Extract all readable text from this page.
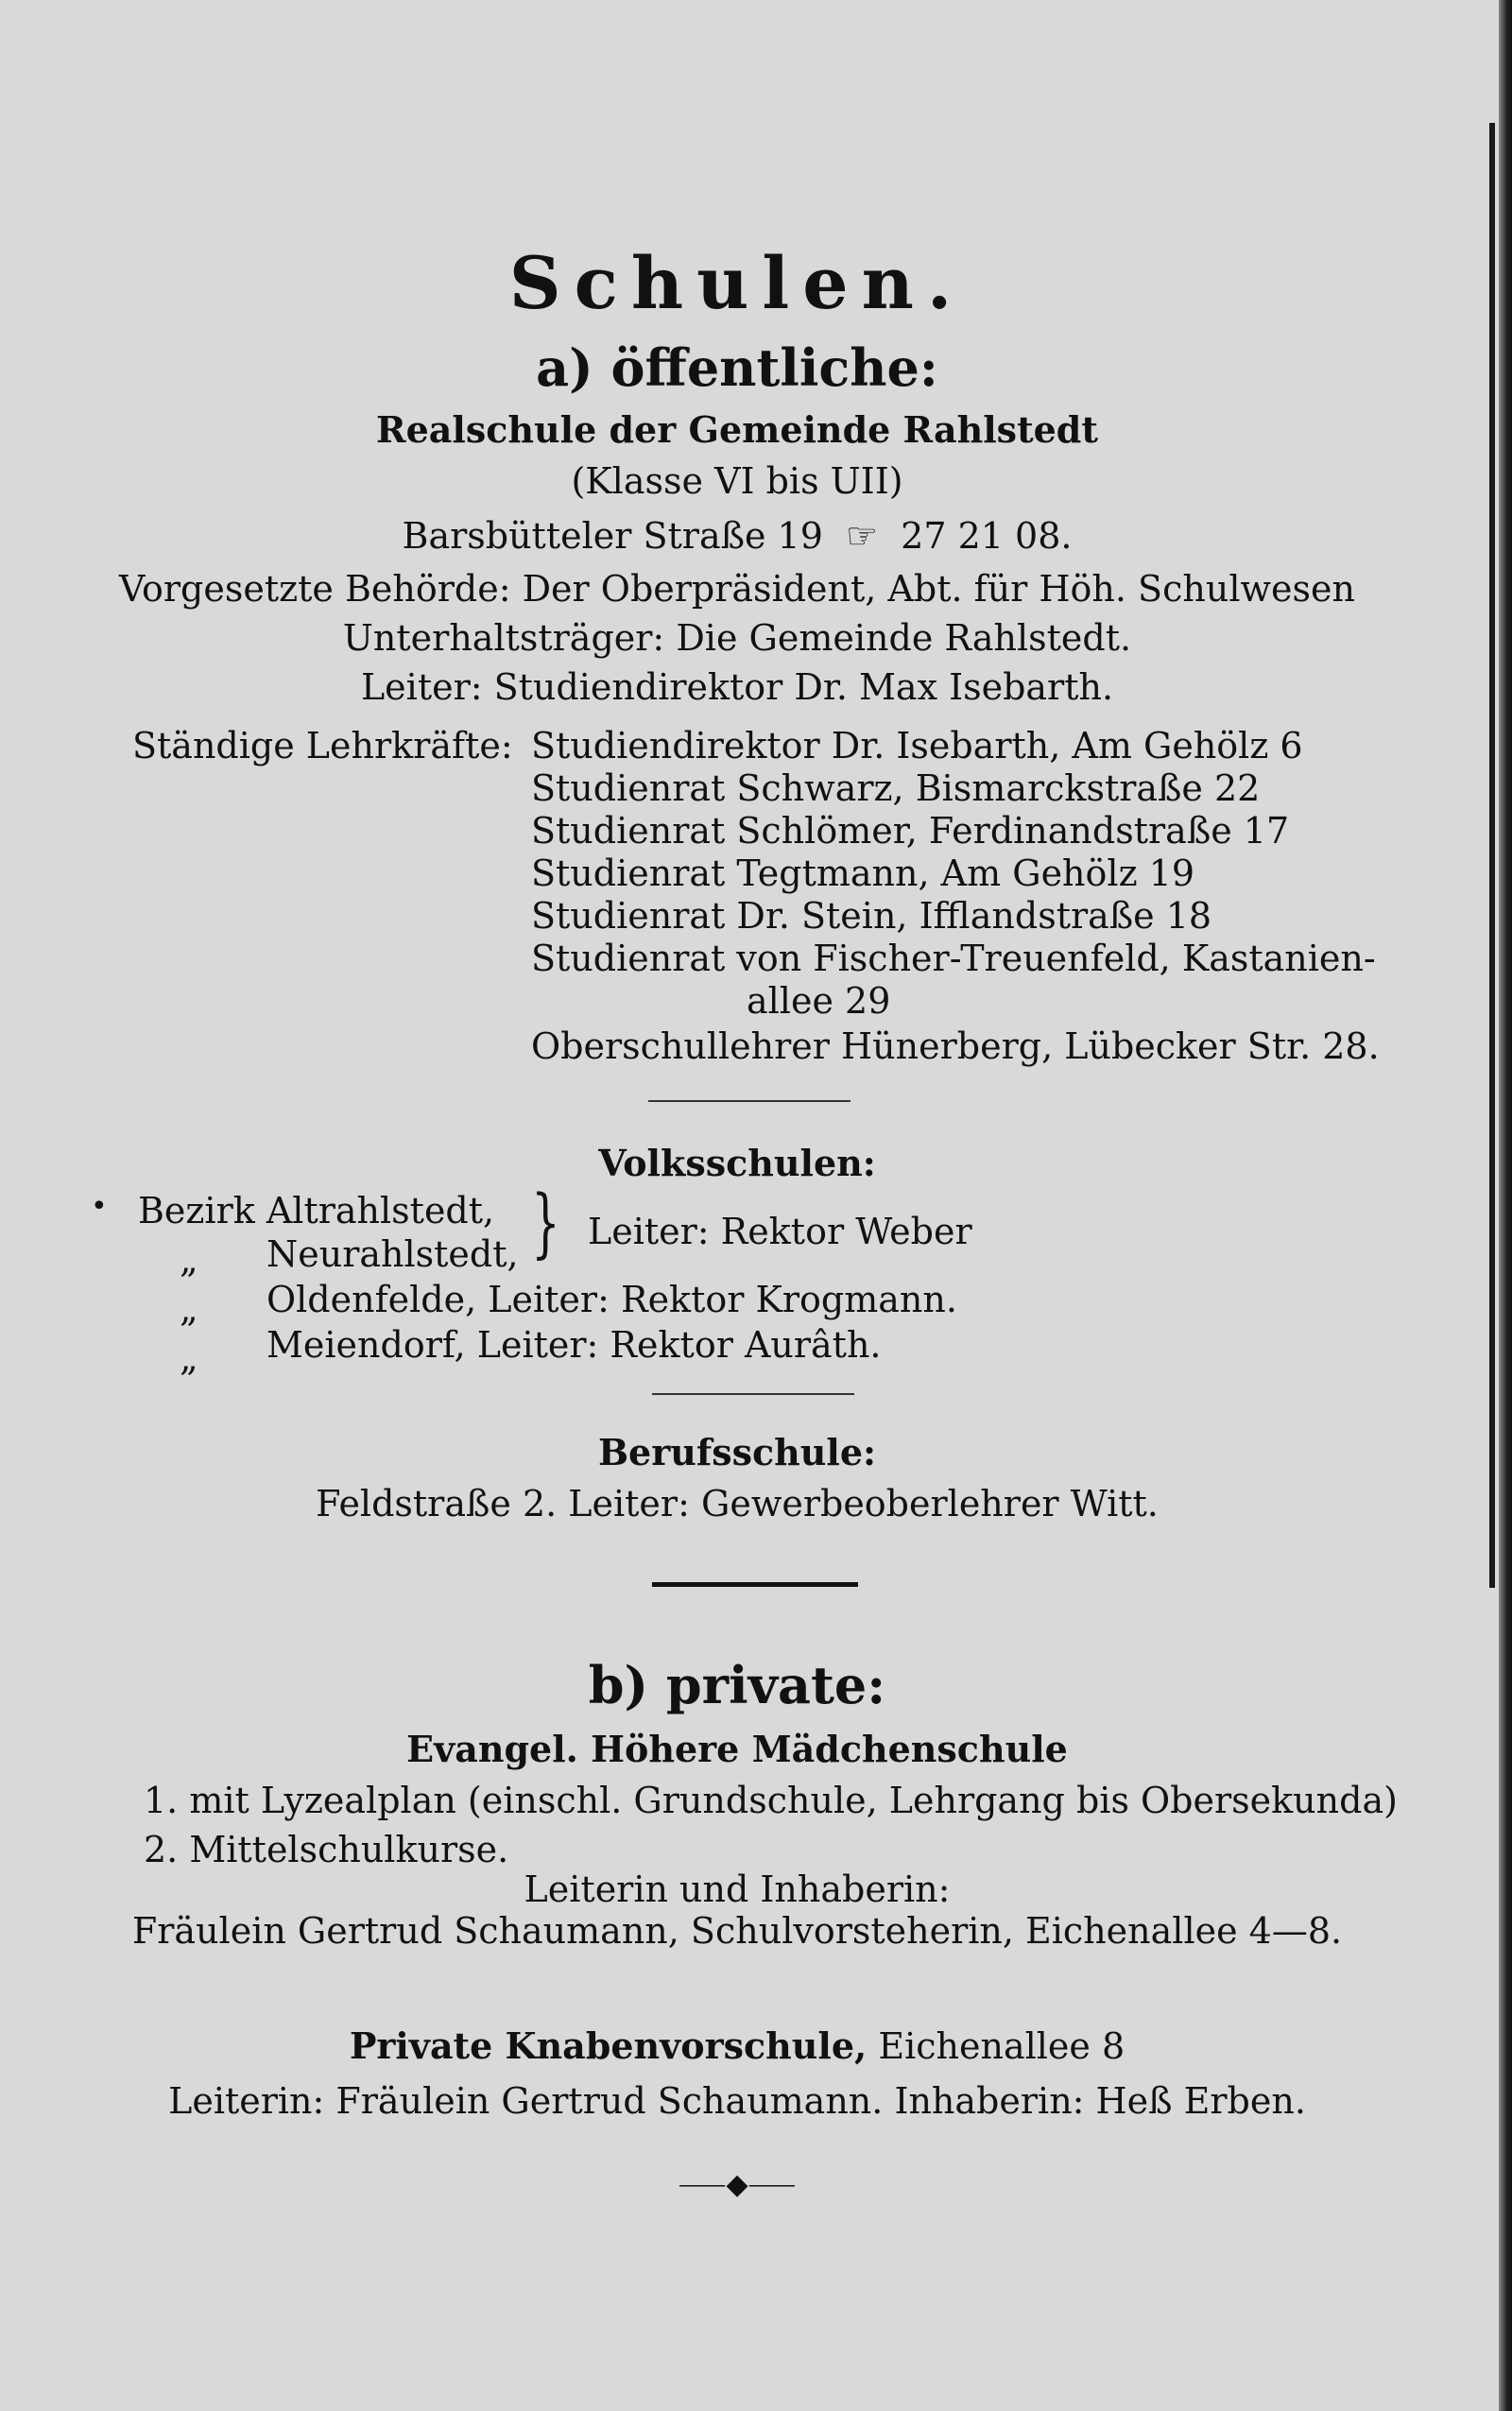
Schulen.
a) öffentliche:
Realschule der Gemeinde Rahlstedt
(Klasse VI bis UII)
Barsbütteler Straße 19 ☞ 27 21 08.
Vorgesetzte Behörde: Der Oberpräsident, Abt. für Höh. Schulwesen
Unterhaltsträger: Die Gemeinde Rahlstedt.
Leiter: Studiendirektor Dr. Max Isebarth.
Ständige Lehrkräfte: Studiendirektor Dr. Isebarth, Am Gehölz 6
Studienrat Schwarz, Bismarckstraße 22
Studienrat Schlömer, Ferdinandstraße 17
Studienrat Tegtmann, Am Gehölz 19
Studienrat Dr. Stein, Ifflandstraße 18
Studienrat von Fischer-Treuenfeld, Kastanien-
allee 29
Oberschullehrer Hünerberg, Lübecker Str. 28.
Volksschulen:
• Bezirk Altrahlstedt,
„ Neurahlstedt, } Leiter: Rektor Weber
„ Oldenfelde, Leiter: Rektor Krogmann.
„ Meiendorf, Leiter: Rektor Aurâth.
Berufsschule:
Feldstraße 2. Leiter: Gewerbeoberlehrer Witt.
b) private:
Evangel. Höhere Mädchenschule
1. mit Lyzealplan (einschl. Grundschule, Lehrgang bis Obersekunda)
2. Mittelschulkurse.
Leiterin und Inhaberin:
Fräulein Gertrud Schaumann, Schulvorsteherin, Eichenallee 4—8.
Private Knabenvorschule, Eichenallee 8
Leiterin: Fräulein Gertrud Schaumann. Inhaberin: Heß Erben.
⸺◆⸺
